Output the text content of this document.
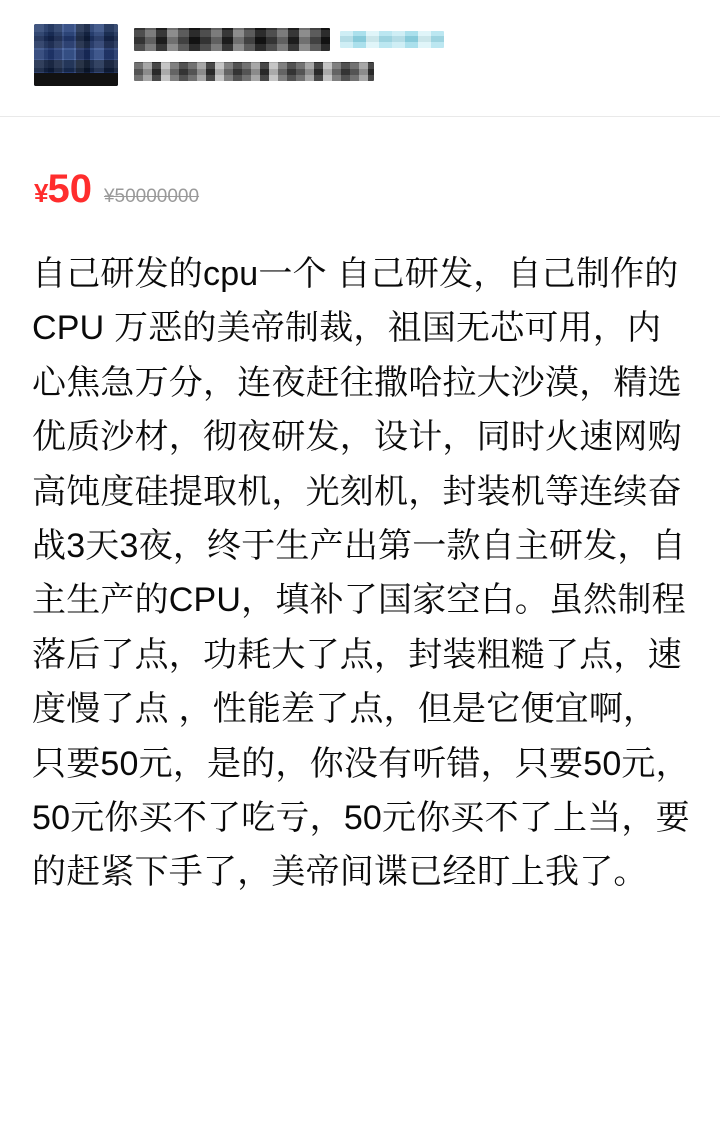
¥50 ¥50000000
自己研发的cpu一个 自己研发，自己制作的CPU 万恶的美帝制裁，祖国无芯可用，内心焦急万分，连夜赶往撒哈拉大沙漠，精选优质沙材，彻夜研发，设计，同时火速网购高饨度硅提取机，光刻机，封装机等连续奋战3天3夜，终于生产出第一款自主研发，自主生产的CPU，填补了国家空白。虽然制程落后了点，功耗大了点，封装粗糙了点，速度慢了点 ，性能差了点，但是它便宜啊，只要50元，是的，你没有听错，只要50元，50元你买不了吃亏，50元你买不了上当，要的赶紧下手了，美帝间谍已经盯上我了。
